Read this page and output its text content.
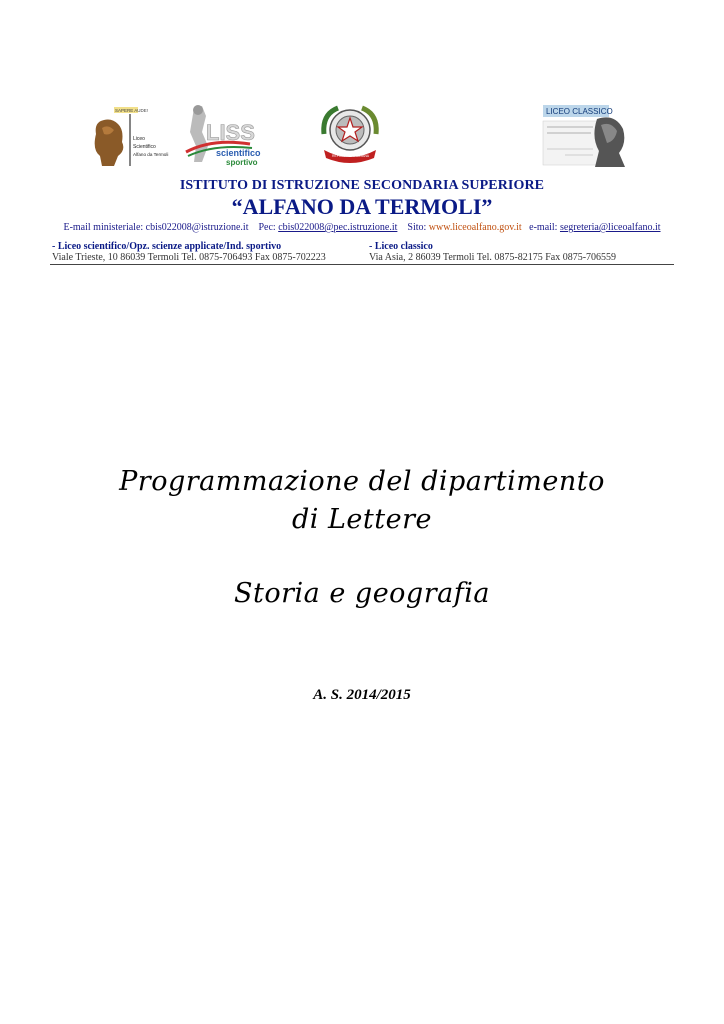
SAPERE AUDE!
Liceo
Scientifico
Alfano da Termoli
LISS
scientifico
sportivo
REPUBBLICA ITALIANA
LICEO CLASSICO
ISTITUTO DI ISTRUZIONE SECONDARIA SUPERIORE
“ALFANO DA TERMOLI”
E-mail ministeriale: cbis022008@istruzione.it Pec: cbis022008@pec.istruzione.it Sito: www.liceoalfano.gov.it e-mail: segreteria@liceoalfano.it
- Liceo scientifico/Opz. scienze applicate/Ind. sportivo
Viale Trieste, 10 86039 Termoli Tel. 0875-706493 Fax 0875-702223
- Liceo classico
Via Asia, 2 86039 Termoli Tel. 0875-82175 Fax 0875-706559
Programmazione del dipartimento
di Lettere
Storia e geografia
A. S. 2014/2015
